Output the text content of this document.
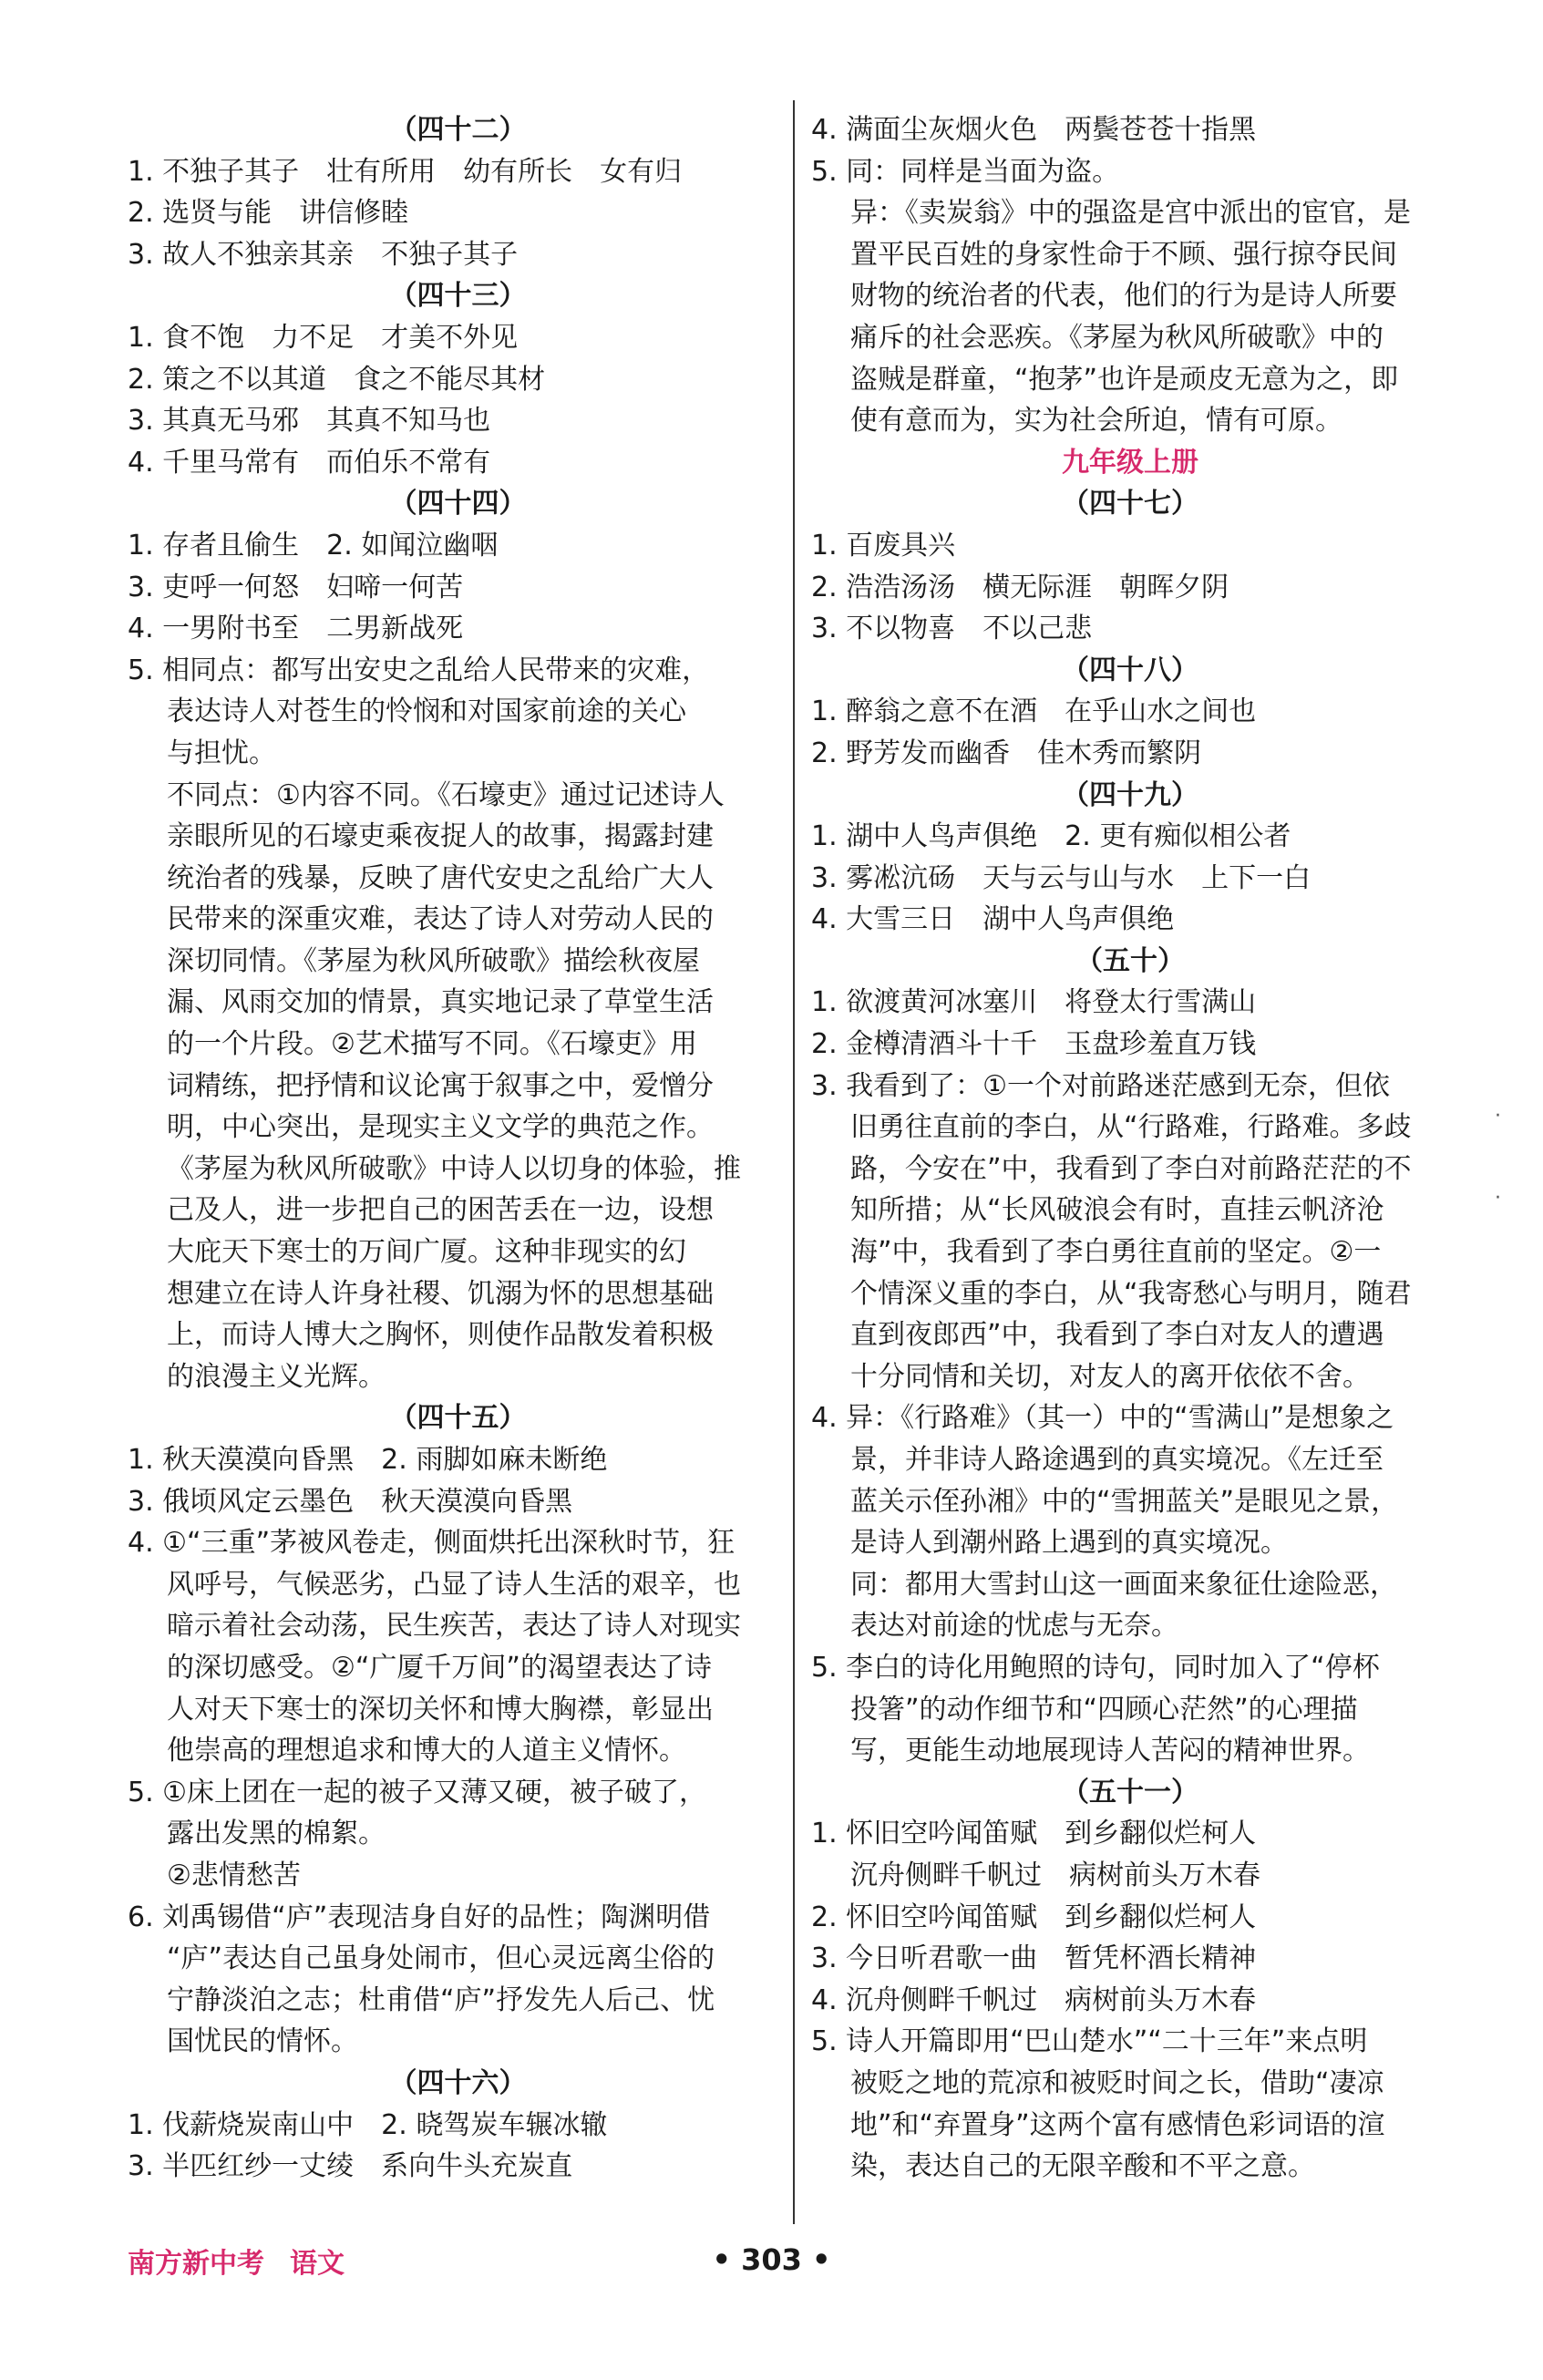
（四十二）
1. 不独子其子　壮有所用　幼有所长　女有归
2. 选贤与能　讲信修睦
3. 故人不独亲其亲　不独子其子
（四十三）
1. 食不饱　力不足　才美不外见
2. 策之不以其道　食之不能尽其材
3. 其真无马邪　其真不知马也
4. 千里马常有　而伯乐不常有
（四十四）
1. 存者且偷生　2. 如闻泣幽咽
3. 吏呼一何怒　妇啼一何苦
4. 一男附书至　二男新战死
5. 相同点：都写出安史之乱给人民带来的灾难，
表达诗人对苍生的怜悯和对国家前途的关心
与担忧。
不同点：①内容不同。《石壕吏》通过记述诗人
亲眼所见的石壕吏乘夜捉人的故事，揭露封建
统治者的残暴，反映了唐代安史之乱给广大人
民带来的深重灾难，表达了诗人对劳动人民的
深切同情。《茅屋为秋风所破歌》描绘秋夜屋
漏、风雨交加的情景，真实地记录了草堂生活
的一个片段。②艺术描写不同。《石壕吏》用
词精练，把抒情和议论寓于叙事之中，爱憎分
明，中心突出，是现实主义文学的典范之作。
《茅屋为秋风所破歌》中诗人以切身的体验，推
己及人，进一步把自己的困苦丢在一边，设想
大庇天下寒士的万间广厦。这种非现实的幻
想建立在诗人许身社稷、饥溺为怀的思想基础
上，而诗人博大之胸怀，则使作品散发着积极
的浪漫主义光辉。
（四十五）
1. 秋天漠漠向昏黑　2. 雨脚如麻未断绝
3. 俄顷风定云墨色　秋天漠漠向昏黑
4. ①“三重”茅被风卷走，侧面烘托出深秋时节，狂
风呼号，气候恶劣，凸显了诗人生活的艰辛，也
暗示着社会动荡，民生疾苦，表达了诗人对现实
的深切感受。②“广厦千万间”的渴望表达了诗
人对天下寒士的深切关怀和博大胸襟，彰显出
他崇高的理想追求和博大的人道主义情怀。
5. ①床上团在一起的被子又薄又硬，被子破了，
露出发黑的棉絮。
②悲情愁苦
6. 刘禹锡借“庐”表现洁身自好的品性；陶渊明借
“庐”表达自己虽身处闹市，但心灵远离尘俗的
宁静淡泊之志；杜甫借“庐”抒发先人后己、忧
国忧民的情怀。
（四十六）
1. 伐薪烧炭南山中　2. 晓驾炭车辗冰辙
3. 半匹红纱一丈绫　系向牛头充炭直
4. 满面尘灰烟火色　两鬓苍苍十指黑
5. 同：同样是当面为盗。
异：《卖炭翁》中的强盗是宫中派出的宦官，是
置平民百姓的身家性命于不顾、强行掠夺民间
财物的统治者的代表，他们的行为是诗人所要
痛斥的社会恶疾。《茅屋为秋风所破歌》中的
盗贼是群童，“抱茅”也许是顽皮无意为之，即
使有意而为，实为社会所迫，情有可原。
九年级上册
（四十七）
1. 百废具兴
2. 浩浩汤汤　横无际涯　朝晖夕阴
3. 不以物喜　不以己悲
（四十八）
1. 醉翁之意不在酒　在乎山水之间也
2. 野芳发而幽香　佳木秀而繁阴
（四十九）
1. 湖中人鸟声俱绝　2. 更有痴似相公者
3. 雾凇沆砀　天与云与山与水　上下一白
4. 大雪三日　湖中人鸟声俱绝
（五十）
1. 欲渡黄河冰塞川　将登太行雪满山
2. 金樽清酒斗十千　玉盘珍羞直万钱
3. 我看到了：①一个对前路迷茫感到无奈，但依
旧勇往直前的李白，从“行路难，行路难。多歧
路，今安在”中，我看到了李白对前路茫茫的不
知所措；从“长风破浪会有时，直挂云帆济沧
海”中，我看到了李白勇往直前的坚定。②一
个情深义重的李白，从“我寄愁心与明月，随君
直到夜郎西”中，我看到了李白对友人的遭遇
十分同情和关切，对友人的离开依依不舍。
4. 异：《行路难》（其一）中的“雪满山”是想象之
景，并非诗人路途遇到的真实境况。《左迁至
蓝关示侄孙湘》中的“雪拥蓝关”是眼见之景，
是诗人到潮州路上遇到的真实境况。
同：都用大雪封山这一画面来象征仕途险恶，
表达对前途的忧虑与无奈。
5. 李白的诗化用鲍照的诗句，同时加入了“停杯
投箸”的动作细节和“四顾心茫然”的心理描
写，更能生动地展现诗人苦闷的精神世界。
（五十一）
1. 怀旧空吟闻笛赋　到乡翻似烂柯人
沉舟侧畔千帆过　病树前头万木春
2. 怀旧空吟闻笛赋　到乡翻似烂柯人
3. 今日听君歌一曲　暂凭杯酒长精神
4. 沉舟侧畔千帆过　病树前头万木春
5. 诗人开篇即用“巴山楚水”“二十三年”来点明
被贬之地的荒凉和被贬时间之长，借助“凄凉
地”和“弃置身”这两个富有感情色彩词语的渲
染，表达自己的无限辛酸和不平之意。
南方新中考 语文	• 303 •
·
·
